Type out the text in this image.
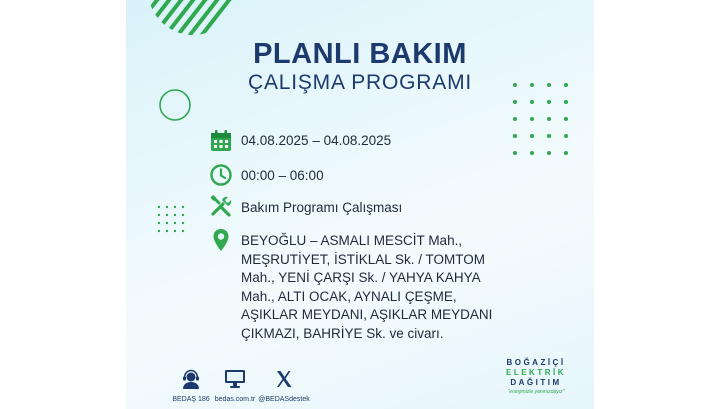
PLANLI BAKIM
ÇALIŞMA PROGRAMI
04.08.2025 – 04.08.2025
00:00 – 06:00
Bakım Programı Çalışması
BEYOĞLU – ASMALI MESCİT Mah.,
MEŞRUTİYET, İSTİKLAL Sk. / TOMTOM
Mah., YENİ ÇARŞI Sk. / YAHYA KAHYA
Mah., ALTI OCAK, AYNALI ÇEŞME,
AŞIKLAR MEYDANI, AŞIKLAR MEYDANI
ÇIKMAZI, BAHRİYE Sk. ve civarı.
BEDAŞ 186 bedas.com.tr @BEDASdestek
BOĞAZİÇİ
ELEKTRİK
DAĞITIM
"enerjimizle yanınızdayız"
